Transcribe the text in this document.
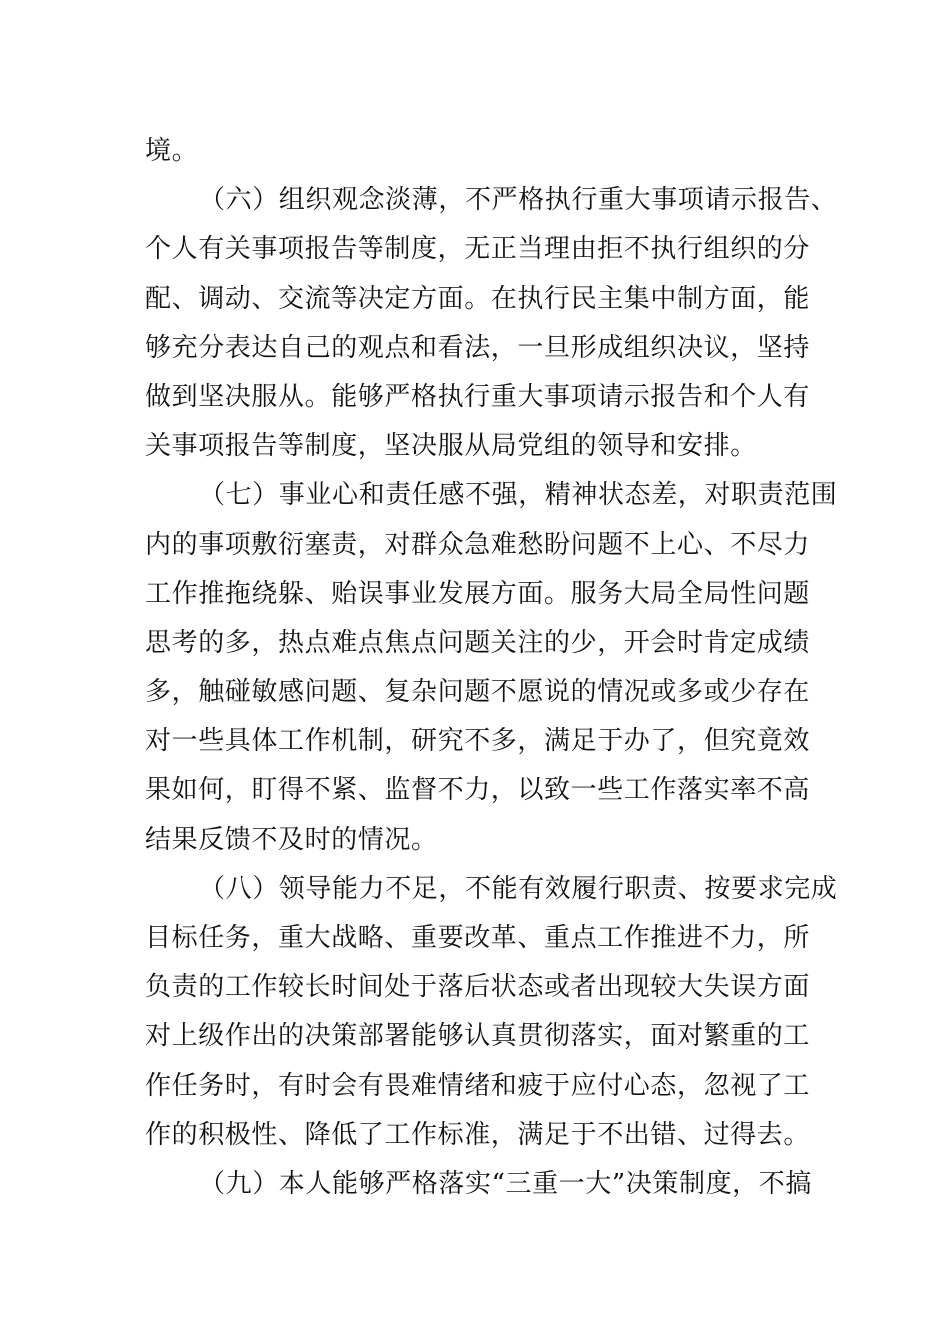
境。
（六）组织观念淡薄，不严格执行重大事项请示报告、
个人有关事项报告等制度，无正当理由拒不执行组织的分
配、调动、交流等决定方面。在执行民主集中制方面，能
够充分表达自己的观点和看法，一旦形成组织决议，坚持
做到坚决服从。能够严格执行重大事项请示报告和个人有
关事项报告等制度，坚决服从局党组的领导和安排。
（七）事业心和责任感不强，精神状态差，对职责范围
内的事项敷衍塞责，对群众急难愁盼问题不上心、不尽力
工作推拖绕躲、贻误事业发展方面。服务大局全局性问题
思考的多，热点难点焦点问题关注的少，开会时肯定成绩
多，触碰敏感问题、复杂问题不愿说的情况或多或少存在
对一些具体工作机制，研究不多，满足于办了，但究竟效
果如何，盯得不紧、监督不力，以致一些工作落实率不高
结果反馈不及时的情况。
（八）领导能力不足，不能有效履行职责、按要求完成
目标任务，重大战略、重要改革、重点工作推进不力，所
负责的工作较长时间处于落后状态或者出现较大失误方面
对上级作出的决策部署能够认真贯彻落实，面对繁重的工
作任务时，有时会有畏难情绪和疲于应付心态，忽视了工
作的积极性、降低了工作标准，满足于不出错、过得去。
（九）本人能够严格落实“三重一大”决策制度，不搞
